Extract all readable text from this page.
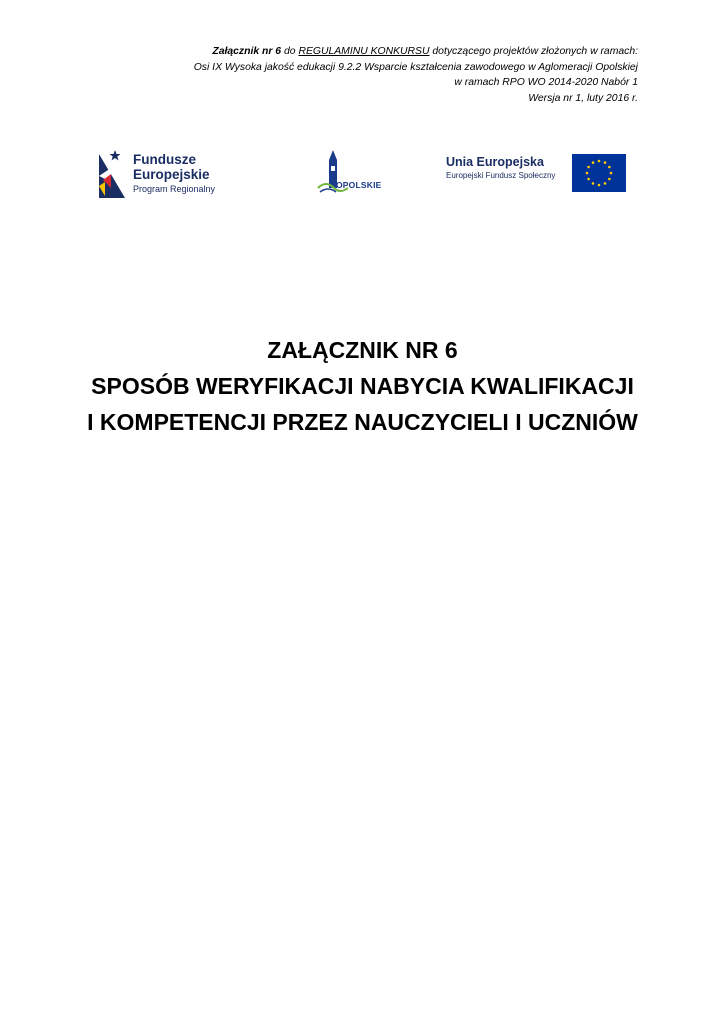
Załącznik nr 6 do REGULAMINU KONKURSU dotyczącego projektów złożonych w ramach:
Osi IX Wysoka jakość edukacji 9.2.2 Wsparcie kształcenia zawodowego w Aglomeracji Opolskiej
w ramach RPO WO 2014-2020 Nabór 1
Wersja nr 1, luty 2016 r.
Fundusze
Europejskie
Program Regionalny	OPOLSKIE
Unia Europejska
Europejski Fundusz Społeczny
ZAŁĄCZNIK NR 6
SPOSÓB WERYFIKACJI NABYCIA KWALIFIKACJI
I KOMPETENCJI PRZEZ NAUCZYCIELI I UCZNIÓW
